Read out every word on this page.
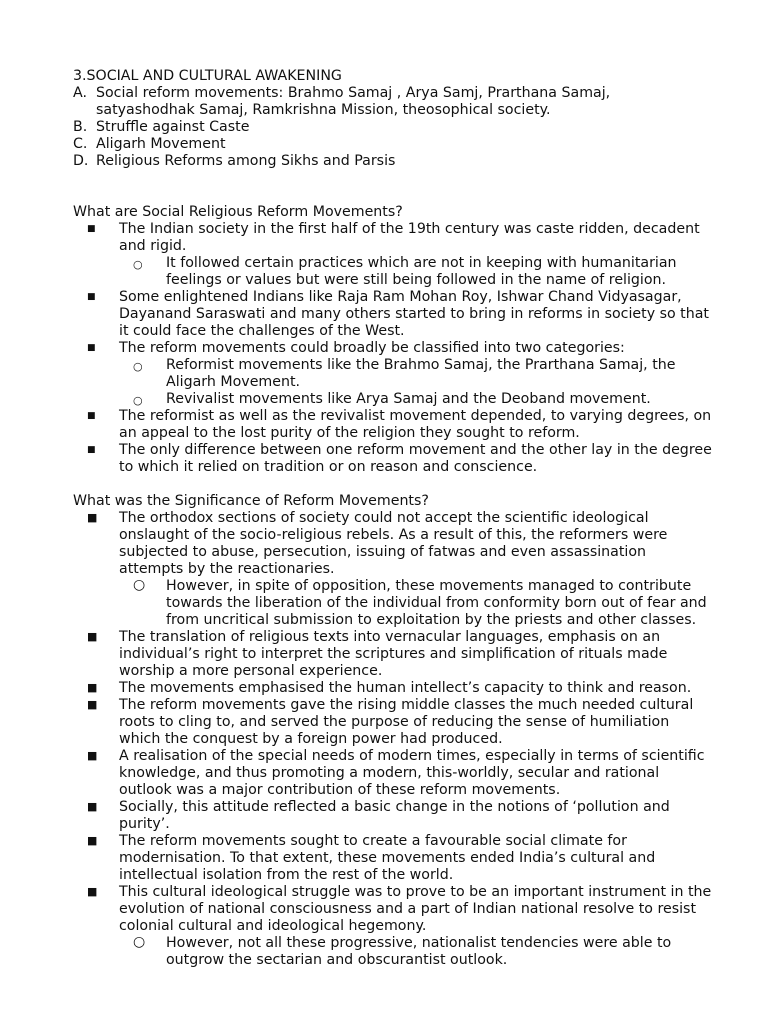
3.SOCIAL AND CULTURAL AWAKENING

A. Social reform movements: Brahmo Samaj , Arya Samj, Prarthana Samaj, satyashodhak Samaj, Ramkrishna Mission, theosophical society.
B. Struffle against Caste
C. Aligarh Movement
D. Religious Reforms among Sikhs and Parsis

What are Social Religious Reform Movements?

■ The Indian society in the first half of the 19th century was caste ridden, decadent and rigid.
○ It followed certain practices which are not in keeping with humanitarian feelings or values but were still being followed in the name of religion.
■ Some enlightened Indians like Raja Ram Mohan Roy, Ishwar Chand Vidyasagar, Dayanand Saraswati and many others started to bring in reforms in society so that it could face the challenges of the West.
■ The reform movements could broadly be classified into two categories:
○ Reformist movements like the Brahmo Samaj, the Prarthana Samaj, the Aligarh Movement.
○ Revivalist movements like Arya Samaj and the Deoband movement.
■ The reformist as well as the revivalist movement depended, to varying degrees, on an appeal to the lost purity of the religion they sought to reform.
■ The only difference between one reform movement and the other lay in the degree to which it relied on tradition or on reason and conscience.

What was the Significance of Reform Movements?

■ The orthodox sections of society could not accept the scientific ideological onslaught of the socio-religious rebels. As a result of this, the reformers were subjected to abuse, persecution, issuing of fatwas and even assassination attempts by the reactionaries.
○ However, in spite of opposition, these movements managed to contribute towards the liberation of the individual from conformity born out of fear and from uncritical submission to exploitation by the priests and other classes.
■ The translation of religious texts into vernacular languages, emphasis on an individual’s right to interpret the scriptures and simplification of rituals made worship a more personal experience.
■ The movements emphasised the human intellect’s capacity to think and reason.
■ The reform movements gave the rising middle classes the much needed cultural roots to cling to, and served the purpose of reducing the sense of humiliation which the conquest by a foreign power had produced.
■ A realisation of the special needs of modern times, especially in terms of scientific knowledge, and thus promoting a modern, this-worldly, secular and rational outlook was a major contribution of these reform movements.
■ Socially, this attitude reflected a basic change in the notions of ‘pollution and purity’.
■ The reform movements sought to create a favourable social climate for modernisation. To that extent, these movements ended India’s cultural and intellectual isolation from the rest of the world.
■ This cultural ideological struggle was to prove to be an important instrument in the evolution of national consciousness and a part of Indian national resolve to resist colonial cultural and ideological hegemony.
○ However, not all these progressive, nationalist tendencies were able to outgrow the sectarian and obscurantist outlook.
